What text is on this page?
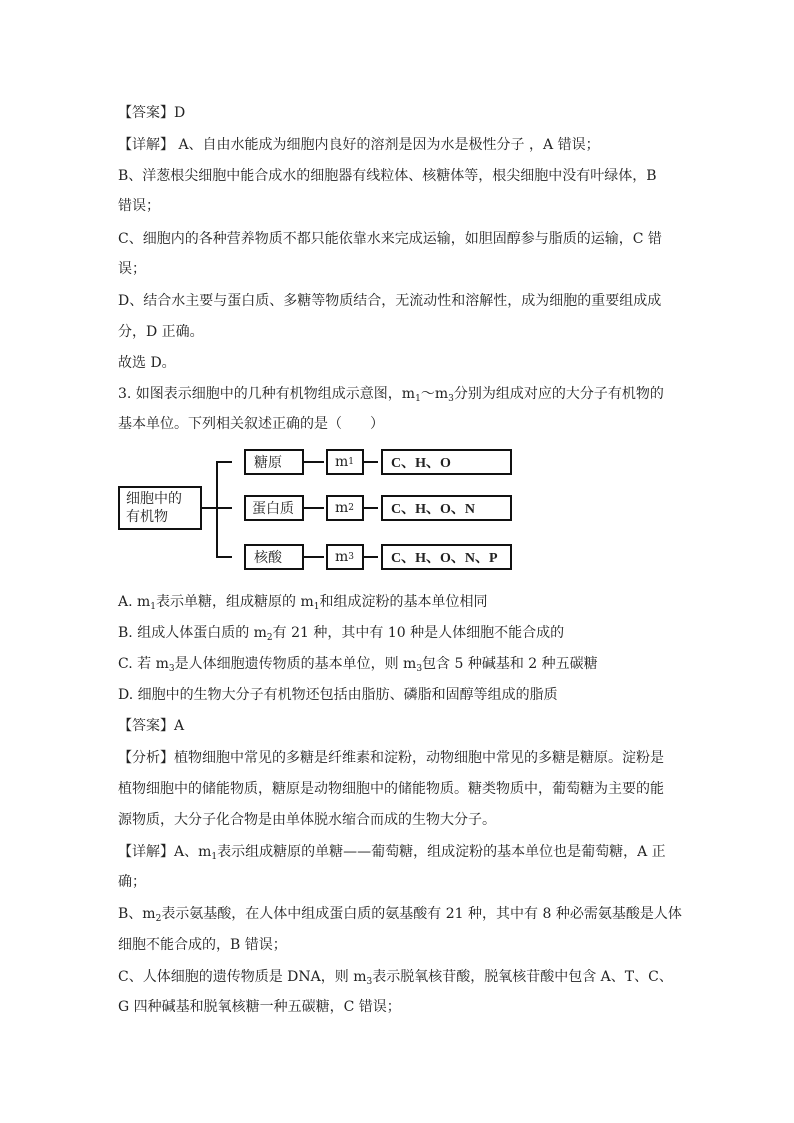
【答案】D
【详解】 A、自由水能成为细胞内良好的溶剂是因为水是极性分子 ，A 错误；
B、洋葱根尖细胞中能合成水的细胞器有线粒体、核糖体等，根尖细胞中没有叶绿体，B
错误；
C、细胞内的各种营养物质不都只能依靠水来完成运输，如胆固醇参与脂质的运输，C 错
误；
D、结合水主要与蛋白质、多糖等物质结合，无流动性和溶解性，成为细胞的重要组成成
分，D 正确。
故选 D。
3. 如图表示细胞中的几种有机物组成示意图，$m_1\sim m_3$分别为组成对应的大分子有机物的
基本单位。下列相关叙述正确的是（　　）
细胞中的
有机物
糖原	m 1	C、H、O
蛋白质	m 2	C、H、O、N
核酸	m 3	C、H、O、N、P
A. $m_1$表示单糖，组成糖原的 $m_1$和组成淀粉的基本单位相同
B. 组成人体蛋白质的 $m_2$有 21 种，其中有 10 种是人体细胞不能合成的
C. 若 $m_3$是人体细胞遗传物质的基本单位，则 $m_3$包含 5 种碱基和 2 种五碳糖
D. 细胞中的生物大分子有机物还包括由脂肪、磷脂和固醇等组成的脂质
【答案】A
【分析】植物细胞中常见的多糖是纤维素和淀粉，动物细胞中常见的多糖是糖原。淀粉是
植物细胞中的储能物质，糖原是动物细胞中的储能物质。糖类物质中，葡萄糖为主要的能
源物质，大分子化合物是由单体脱水缩合而成的生物大分子。
【详解】A、$m_1$表示组成糖原的单糖——葡萄糖，组成淀粉的基本单位也是葡萄糖，A 正
确；
B、$m_2$表示氨基酸，在人体中组成蛋白质的氨基酸有 21 种，其中有 8 种必需氨基酸是人体
细胞不能合成的，B 错误；
C、人体细胞的遗传物质是 DNA，则 $m_3$表示脱氧核苷酸，脱氧核苷酸中包含 A、T、C、
G 四种碱基和脱氧核糖一种五碳糖，C 错误；
